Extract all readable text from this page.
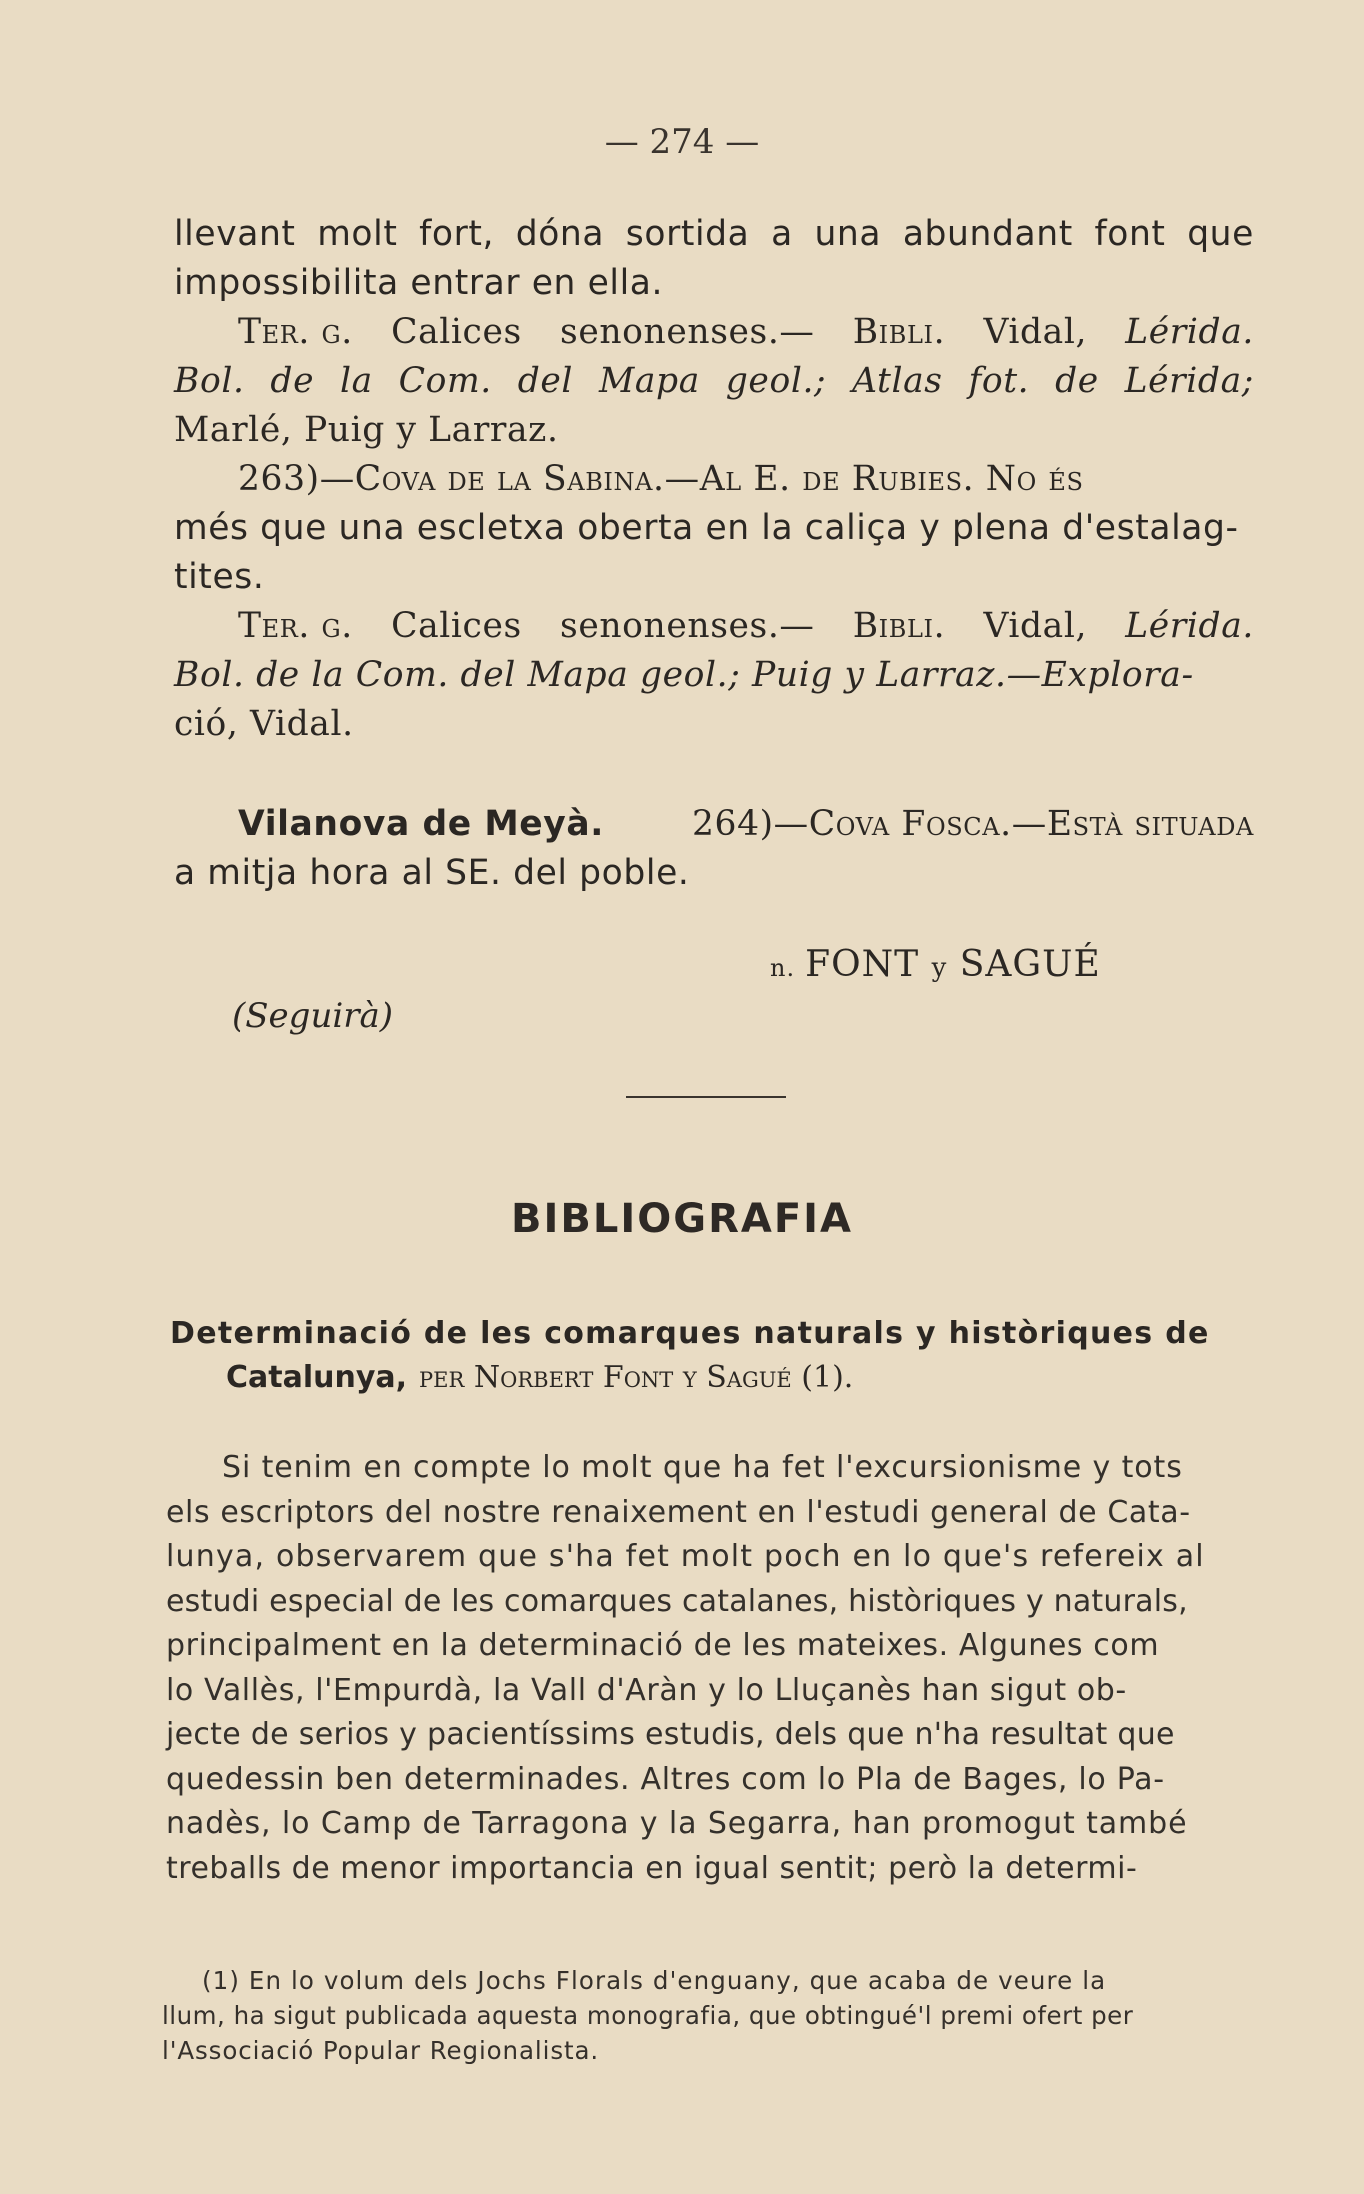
— 274 —
llevant molt fort, dóna sortida a una abundant font que
impossibilita entrar en ella.
Ter. g. Calices senonenses.— Bibli. Vidal, Lérida.
Bol. de la Com. del Mapa geol.; Atlas fot. de Lérida;
Marlé, Puig y Larraz.
263)—Cova de la Sabina.—Al E. de Rubies. No és
més que una escletxa oberta en la caliça y plena d'estalag-
tites.
Ter. g. Calices senonenses.— Bibli. Vidal, Lérida.
Bol. de la Com. del Mapa geol.; Puig y Larraz.—Explora-
ció, Vidal.
Vilanova de Meyà.	264)—Cova Fosca.—Està situada
a mitja hora al SE. del poble.
n. FONT y SAGUÉ
(Seguirà)
BIBLIOGRAFIA
Determinació de les comarques naturals y històriques de
Catalunya, per Norbert Font y Sagué (1).
Si tenim en compte lo molt que ha fet l'excursionisme y tots
els escriptors del nostre renaixement en l'estudi general de Cata-
lunya, observarem que s'ha fet molt poch en lo que's refereix al
estudi especial de les comarques catalanes, històriques y naturals,
principalment en la determinació de les mateixes. Algunes com
lo Vallès, l'Empurdà, la Vall d'Aràn y lo Lluçanès han sigut ob-
jecte de serios y pacientíssims estudis, dels que n'ha resultat que
quedessin ben determinades. Altres com lo Pla de Bages, lo Pa-
nadès, lo Camp de Tarragona y la Segarra, han promogut també
treballs de menor importancia en igual sentit; però la determi-
(1) En lo volum dels Jochs Florals d'enguany, que acaba de veure la
llum, ha sigut publicada aquesta monografia, que obtingué'l premi ofert per
l'Associació Popular Regionalista.
